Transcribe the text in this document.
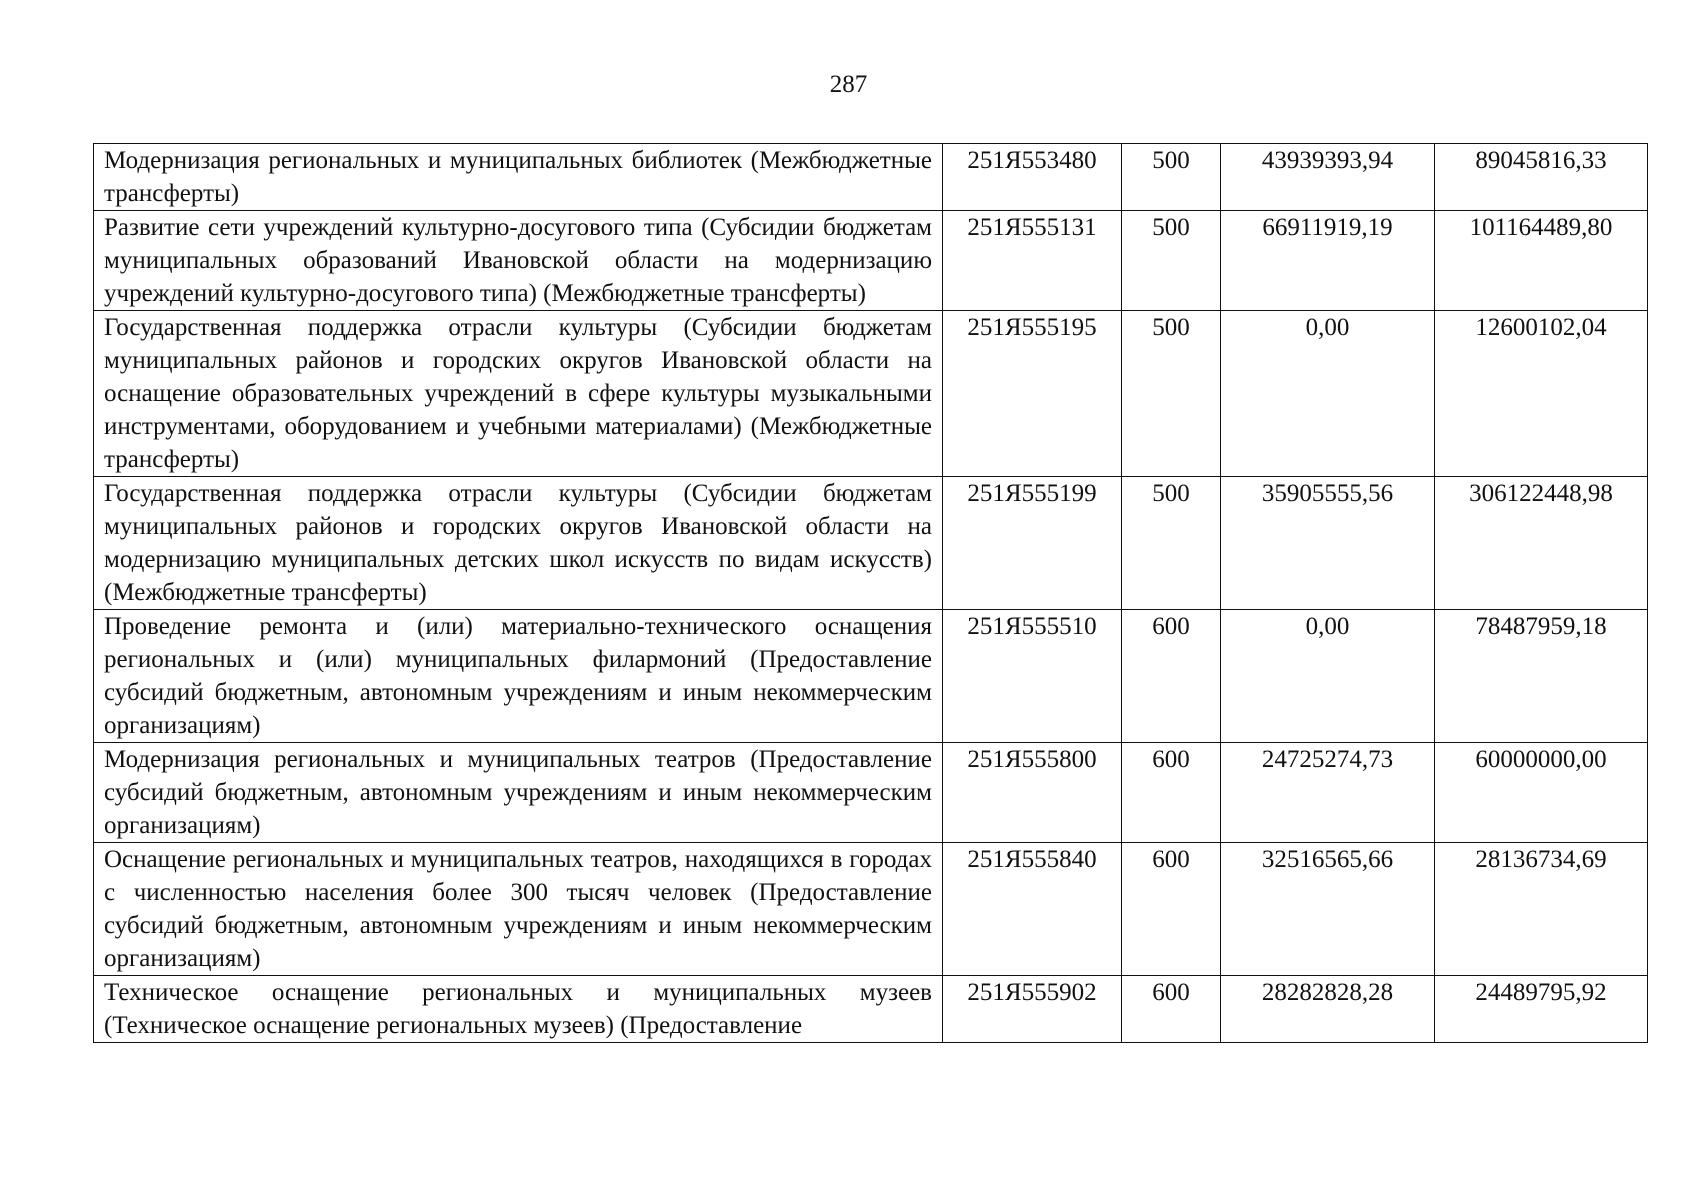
287
Модернизация региональных и муниципальных библиотек (Межбюджетные трансферты)	251Я553480	500	43939393,94	89045816,33
Развитие сети учреждений культурно-досугового типа (Субсидии бюджетам муниципальных образований Ивановской области на модернизацию учреждений культурно-досугового типа) (Межбюджетные трансферты)	251Я555131	500	66911919,19	101164489,80
Государственная поддержка отрасли культуры (Субсидии бюджетам муниципальных районов и городских округов Ивановской области на оснащение образовательных учреждений в сфере культуры музыкальными инструментами, оборудованием и учебными материалами) (Межбюджетные трансферты)	251Я555195	500	0,00	12600102,04
Государственная поддержка отрасли культуры (Субсидии бюджетам муниципальных районов и городских округов Ивановской области на модернизацию муниципальных детских школ искусств по видам искусств) (Межбюджетные трансферты)	251Я555199	500	35905555,56	306122448,98
Проведение ремонта и (или) материально-технического оснащения региональных и (или) муниципальных филармоний (Предоставление субсидий бюджетным, автономным учреждениям и иным некоммерческим организациям)	251Я555510	600	0,00	78487959,18
Модернизация региональных и муниципальных театров (Предоставление субсидий бюджетным, автономным учреждениям и иным некоммерческим организациям)	251Я555800	600	24725274,73	60000000,00
Оснащение региональных и муниципальных театров, находящихся в городах с численностью населения более 300 тысяч человек (Предоставление субсидий бюджетным, автономным учреждениям и иным некоммерческим организациям)	251Я555840	600	32516565,66	28136734,69
Техническое оснащение региональных и муниципальных музеев (Техническое оснащение региональных музеев) (Предоставление	251Я555902	600	28282828,28	24489795,92
